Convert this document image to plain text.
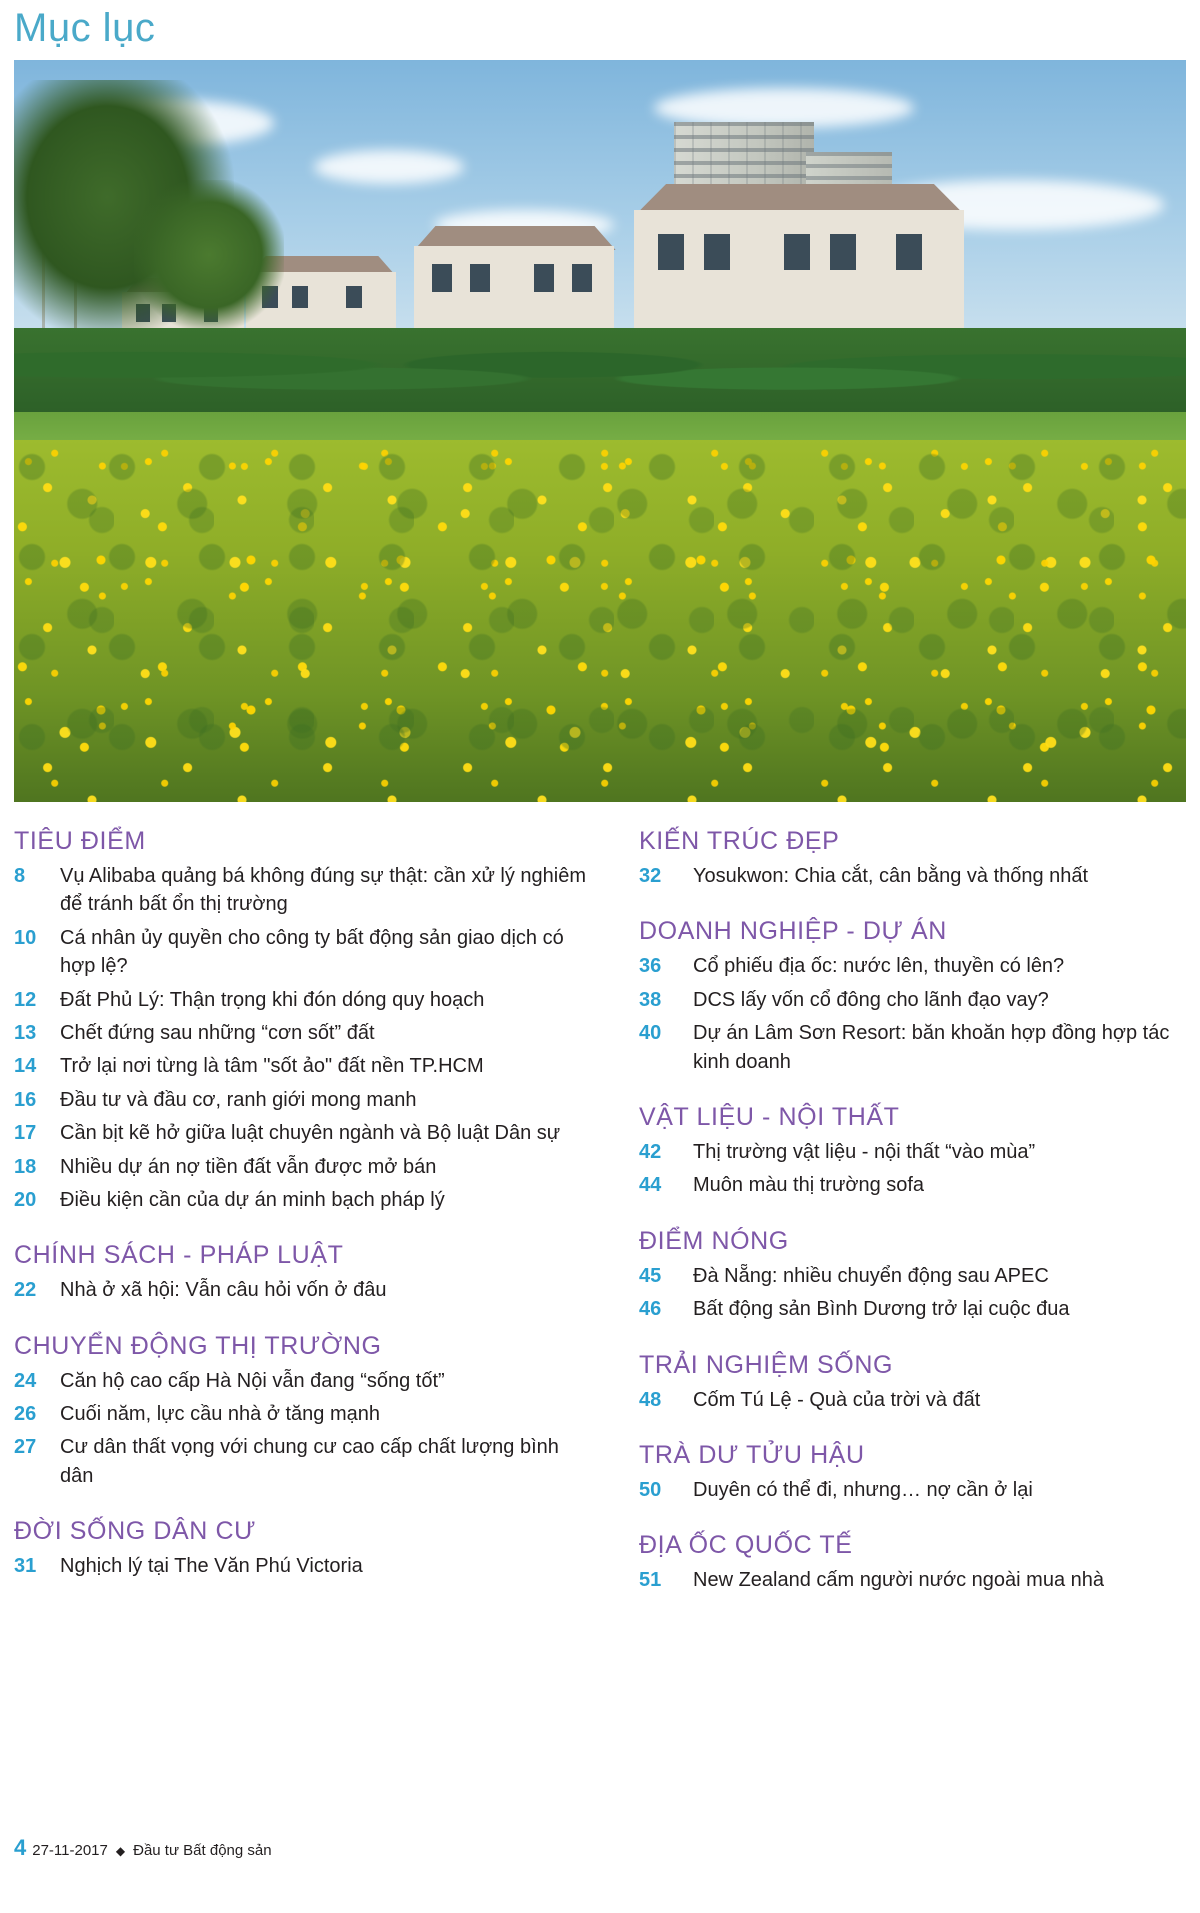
Mục lục
TIÊU ĐIỂM
8	Vụ Alibaba quảng bá không đúng sự thật: cần xử lý nghiêm để tránh bất ổn thị trường
10	Cá nhân ủy quyền cho công ty bất động sản giao dịch có hợp lệ?
12	Đất Phủ Lý: Thận trọng khi đón dóng quy hoạch
13	Chết đứng sau những “cơn sốt” đất
14	Trở lại nơi từng là tâm "sốt ảo" đất nền TP.HCM
16	Đầu tư và đầu cơ, ranh giới mong manh
17	Cần bịt kẽ hở giữa luật chuyên ngành và Bộ luật Dân sự
18	Nhiều dự án nợ tiền đất vẫn được mở bán
20	Điều kiện cần của dự án minh bạch pháp lý
CHÍNH SÁCH - PHÁP LUẬT
22	Nhà ở xã hội: Vẫn câu hỏi vốn ở đâu
CHUYỂN ĐỘNG THỊ TRƯỜNG
24	Căn hộ cao cấp Hà Nội vẫn đang “sống tốt”
26	Cuối năm, lực cầu nhà ở tăng mạnh
27	Cư dân thất vọng với chung cư cao cấp chất lượng bình dân
ĐỜI SỐNG DÂN CƯ
31	Nghịch lý tại The Văn Phú Victoria
KIẾN TRÚC ĐẸP
32	Yosukwon: Chia cắt, cân bằng và thống nhất
DOANH NGHIỆP - DỰ ÁN
36	Cổ phiếu địa ốc: nước lên, thuyền có lên?
38	DCS lấy vốn cổ đông cho lãnh đạo vay?
40	Dự án Lâm Sơn Resort: băn khoăn hợp đồng hợp tác kinh doanh
VẬT LIỆU - NỘI THẤT
42	Thị trường vật liệu - nội thất “vào mùa”
44	Muôn màu thị trường sofa
ĐIỂM NÓNG
45	Đà Nẵng: nhiều chuyển động sau APEC
46	Bất động sản Bình Dương trở lại cuộc đua
TRẢI NGHIỆM SỐNG
48	Cốm Tú Lệ - Quà của trời và đất
TRÀ DƯ TỬU HẬU
50	Duyên có thể đi, nhưng… nợ cần ở lại
ĐỊA ỐC QUỐC TẾ
51	New Zealand cấm người nước ngoài mua nhà
4 27-11-2017 ◆ Đầu tư Bất động sản
